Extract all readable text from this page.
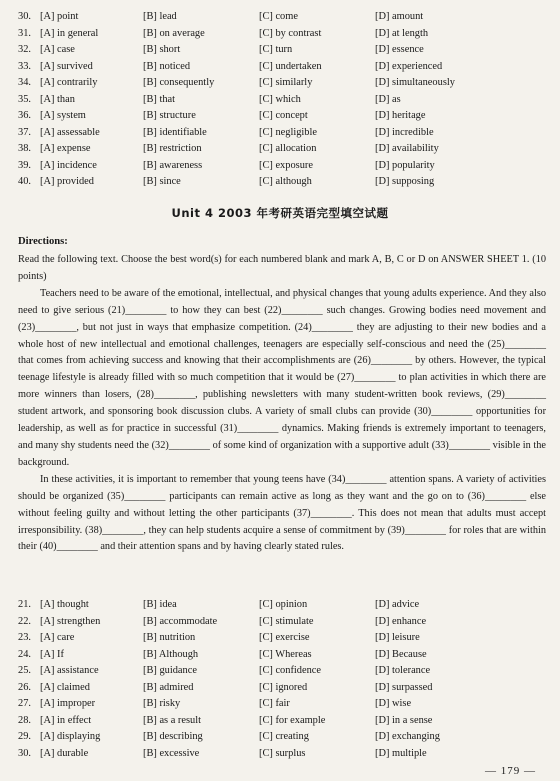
30. [A] point	[B] lead	[C] come	[D] amount
31. [A] in general	[B] on average	[C] by contrast	[D] at length
32. [A] case	[B] short	[C] turn	[D] essence
33. [A] survived	[B] noticed	[C] undertaken	[D] experienced
34. [A] contrarily	[B] consequently	[C] similarly	[D] simultaneously
35. [A] than	[B] that	[C] which	[D] as
36. [A] system	[B] structure	[C] concept	[D] heritage
37. [A] assessable	[B] identifiable	[C] negligible	[D] incredible
38. [A] expense	[B] restriction	[C] allocation	[D] availability
39. [A] incidence	[B] awareness	[C] exposure	[D] popularity
40. [A] provided	[B] since	[C] although	[D] supposing
Unit 4 2003 年考研英语完型填空试题
Directions:

Read the following text. Choose the best word(s) for each numbered blank and mark A, B, C or D on ANSWER SHEET 1. (10 points)

Teachers need to be aware of the emotional, intellectual, and physical changes that young adults experience. And they also need to give serious (21)________ to how they can best (22)________ such changes. Growing bodies need movement and (23)________, but not just in ways that emphasize competition. (24)________ they are adjusting to their new bodies and a whole host of new intellectual and emotional challenges, teenagers are especially self-conscious and need the (25)________ that comes from achieving success and knowing that their accomplishments are (26)________ by others. However, the typical teenage lifestyle is already filled with so much competition that it would be (27)________ to plan activities in which there are more winners than losers, (28)________, publishing newsletters with many student-written book reviews, (29)________ student artwork, and sponsoring book discussion clubs. A variety of small clubs can provide (30)________ opportunities for leadership, as well as for practice in successful (31)________ dynamics. Making friends is extremely important to teenagers, and many shy students need the (32)________ of some kind of organization with a supportive adult (33)________ visible in the background.

In these activities, it is important to remember that young teens have (34)________ attention spans. A variety of activities should be organized (35)________ participants can remain active as long as they want and the go on to (36)________ else without feeling guilty and without letting the other participants (37)________. This does not mean that adults must accept irresponsibility. (38)________, they can help students acquire a sense of commitment by (39)________ for roles that are within their (40)________ and their attention spans and by having clearly stated rules.

21. [A] thought	[B] idea	[C] opinion	[D] advice
22. [A] strengthen	[B] accommodate	[C] stimulate	[D] enhance
23. [A] care	[B] nutrition	[C] exercise	[D] leisure
24. [A] If	[B] Although	[C] Whereas	[D] Because
25. [A] assistance	[B] guidance	[C] confidence	[D] tolerance
26. [A] claimed	[B] admired	[C] ignored	[D] surpassed
27. [A] improper	[B] risky	[C] fair	[D] wise
28. [A] in effect	[B] as a result	[C] for example	[D] in a sense
29. [A] displaying	[B] describing	[C] creating	[D] exchanging
30. [A] durable	[B] excessive	[C] surplus	[D] multiple
— 179 —
